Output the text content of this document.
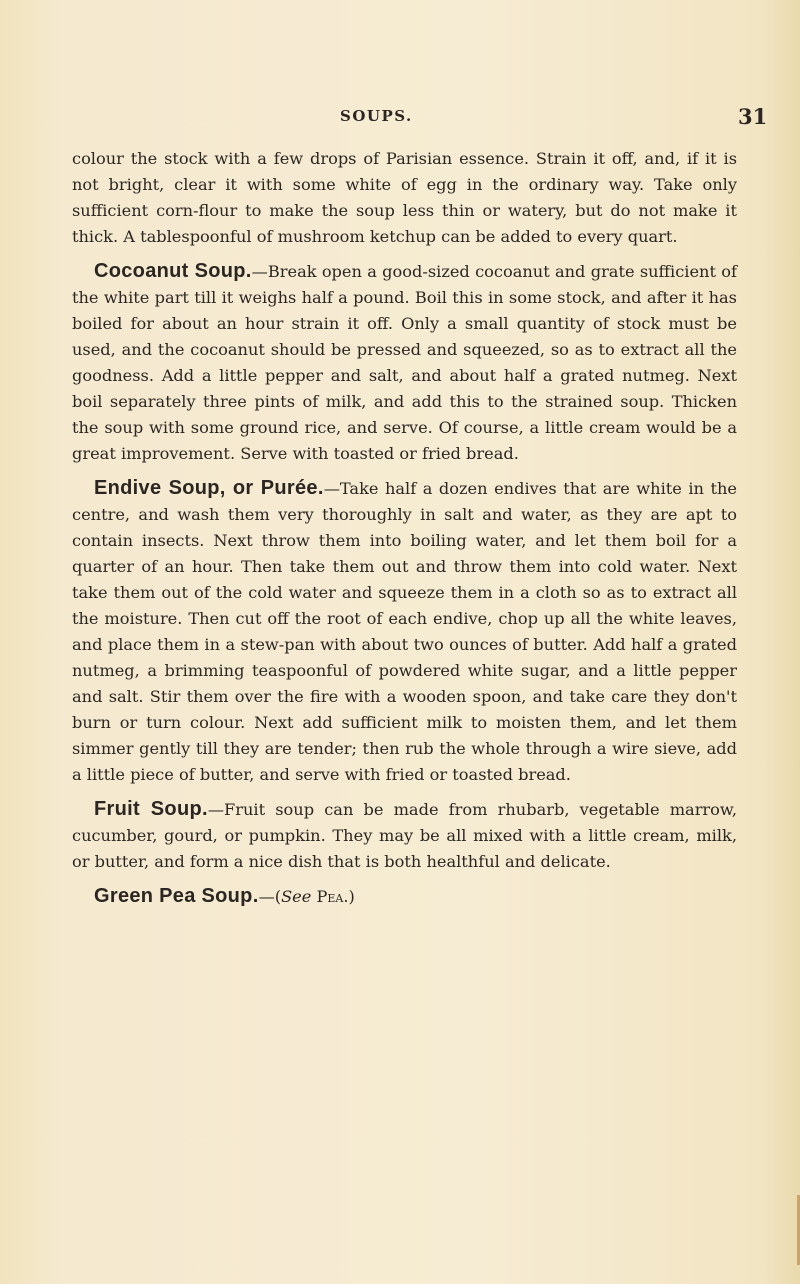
SOUPS.	31

colour the stock with a few drops of Parisian essence. Strain it off, and, if it is not bright, clear it with some white of egg in the ordinary way. Take only sufficient corn-flour to make the soup less thin or watery, but do not make it thick. A tablespoonful of mushroom ketchup can be added to every quart.

Cocoanut Soup.—Break open a good-sized cocoanut and grate sufficient of the white part till it weighs half a pound. Boil this in some stock, and after it has boiled for about an hour strain it off. Only a small quantity of stock must be used, and the cocoanut should be pressed and squeezed, so as to extract all the goodness. Add a little pepper and salt, and about half a grated nutmeg. Next boil separately three pints of milk, and add this to the strained soup. Thicken the soup with some ground rice, and serve. Of course, a little cream would be a great improvement. Serve with toasted or fried bread.

Endive Soup, or Purée.—Take half a dozen endives that are white in the centre, and wash them very thoroughly in salt and water, as they are apt to contain insects. Next throw them into boiling water, and let them boil for a quarter of an hour. Then take them out and throw them into cold water. Next take them out of the cold water and squeeze them in a cloth so as to extract all the moisture. Then cut off the root of each endive, chop up all the white leaves, and place them in a stew-pan with about two ounces of butter. Add half a grated nutmeg, a brimming teaspoonful of powdered white sugar, and a little pepper and salt. Stir them over the fire with a wooden spoon, and take care they don't burn or turn colour. Next add sufficient milk to moisten them, and let them simmer gently till they are tender; then rub the whole through a wire sieve, add a little piece of butter, and serve with fried or toasted bread.

Fruit Soup.—Fruit soup can be made from rhubarb, vegetable marrow, cucumber, gourd, or pumpkin. They may be all mixed with a little cream, milk, or butter, and form a nice dish that is both healthful and delicate.

Green Pea Soup.—(See Pea.)
